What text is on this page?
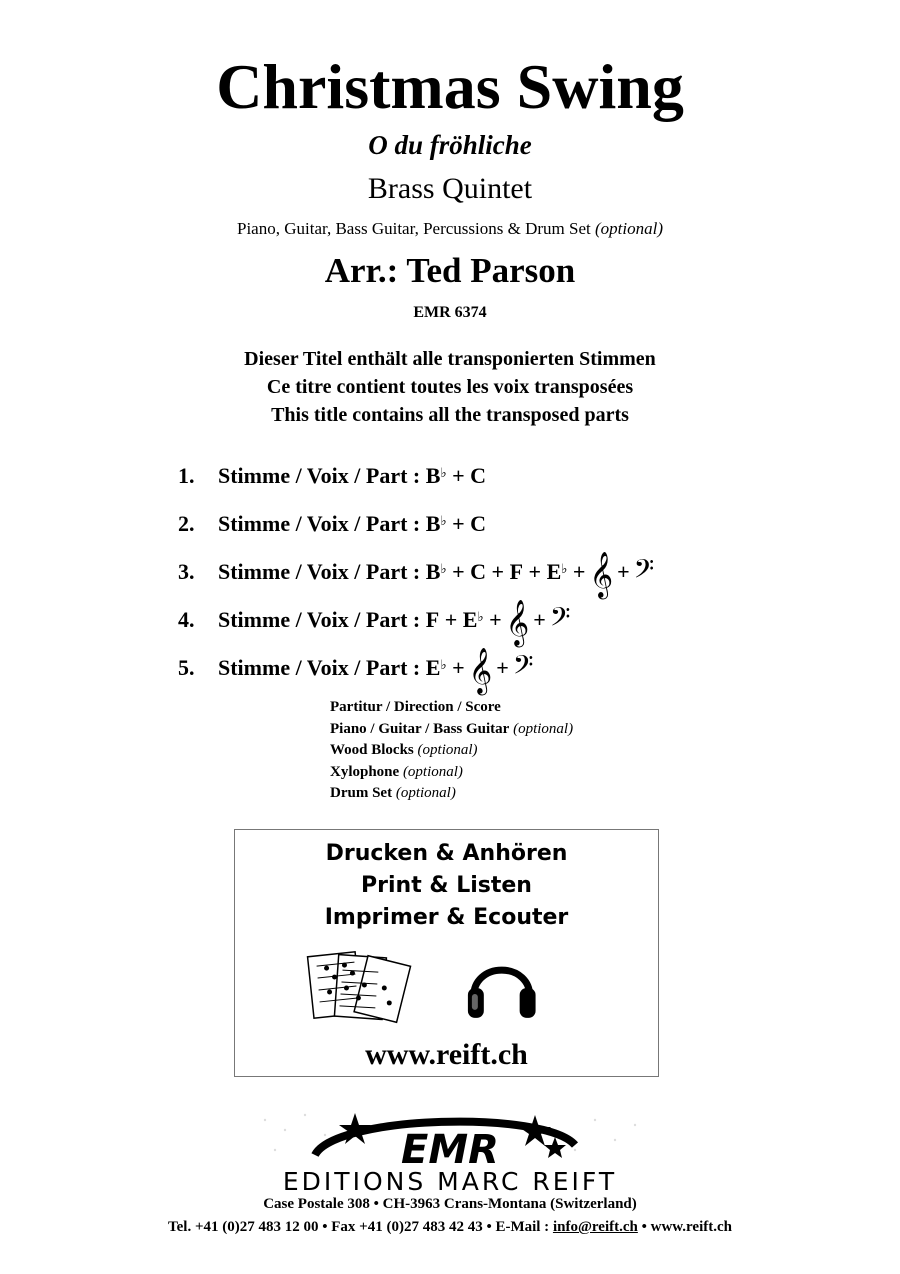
Christmas Swing
O du fröhliche
Brass Quintet
Piano, Guitar, Bass Guitar, Percussions & Drum Set (optional)
Arr.: Ted Parson
EMR 6374
Dieser Titel enthält alle transponierten Stimmen
Ce titre contient toutes les voix transposées
This title contains all the transposed parts
1.	Stimme / Voix / Part :
B♭
+
C
2.	Stimme / Voix / Part :
B♭
+
C
3.	Stimme / Voix / Part :
B♭
+
C
+
F
+
E♭
+ 𝄞 + 𝄢
4.	Stimme / Voix / Part :
F
+
E♭
+ 𝄞 + 𝄢
5.	Stimme / Voix / Part :
E♭
+ 𝄞 + 𝄢
Partitur / Direction / Score
Piano / Guitar / Bass Guitar (optional)
Wood Blocks (optional)
Xylophone (optional)
Drum Set (optional)
Drucken & Anhören
Print & Listen
Imprimer & Ecouter
www.reift.ch
EMR
EDITIONS MARC REIFT
Case Postale 308 • CH-3963 Crans-Montana (Switzerland)
Tel. +41 (0)27 483 12 00 • Fax +41 (0)27 483 42 43 • E-Mail : info@reift.ch • www.reift.ch
